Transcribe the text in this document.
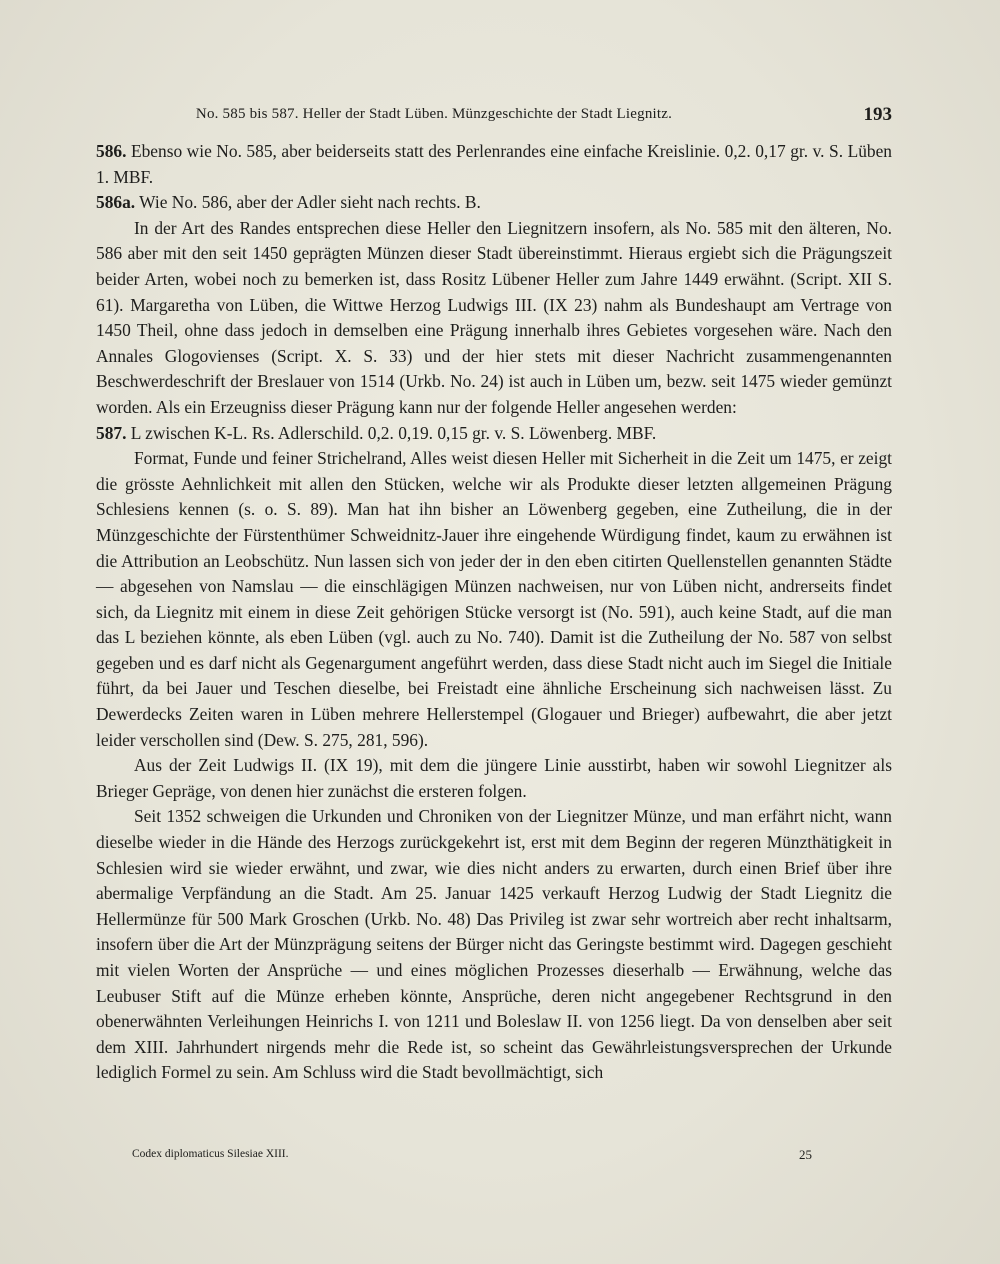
No. 585 bis 587. Heller der Stadt Lüben. Münzgeschichte der Stadt Liegnitz.	193

586. Ebenso wie No. 585, aber beiderseits statt des Perlenrandes eine einfache Kreislinie. 0,2. 0,17 gr. v. S. Lüben 1. MBF.

586a. Wie No. 586, aber der Adler sieht nach rechts. B.

In der Art des Randes entsprechen diese Heller den Liegnitzern insofern, als No. 585 mit den älteren, No. 586 aber mit den seit 1450 geprägten Münzen dieser Stadt übereinstimmt. Hieraus ergiebt sich die Prägungszeit beider Arten, wobei noch zu bemerken ist, dass Rositz Lübener Heller zum Jahre 1449 erwähnt. (Script. XII S. 61). Margaretha von Lüben, die Wittwe Herzog Ludwigs III. (IX 23) nahm als Bundeshaupt am Vertrage von 1450 Theil, ohne dass jedoch in demselben eine Prägung innerhalb ihres Gebietes vorgesehen wäre. Nach den Annales Glogovienses (Script. X. S. 33) und der hier stets mit dieser Nachricht zusammengenannten Beschwerdeschrift der Breslauer von 1514 (Urkb. No. 24) ist auch in Lüben um, bezw. seit 1475 wieder gemünzt worden. Als ein Erzeugniss dieser Prägung kann nur der folgende Heller angesehen werden:

587. L zwischen K-L. Rs. Adlerschild. 0,2. 0,19. 0,15 gr. v. S. Löwenberg. MBF.

Format, Funde und feiner Strichelrand, Alles weist diesen Heller mit Sicherheit in die Zeit um 1475, er zeigt die grösste Aehnlichkeit mit allen den Stücken, welche wir als Produkte dieser letzten allgemeinen Prägung Schlesiens kennen (s. o. S. 89). Man hat ihn bisher an Löwenberg gegeben, eine Zutheilung, die in der Münzgeschichte der Fürstenthümer Schweidnitz-Jauer ihre eingehende Würdigung findet, kaum zu erwähnen ist die Attribution an Leobschütz. Nun lassen sich von jeder der in den eben citirten Quellenstellen genannten Städte — abgesehen von Namslau — die einschlägigen Münzen nachweisen, nur von Lüben nicht, andrerseits findet sich, da Liegnitz mit einem in diese Zeit gehörigen Stücke versorgt ist (No. 591), auch keine Stadt, auf die man das L beziehen könnte, als eben Lüben (vgl. auch zu No. 740). Damit ist die Zutheilung der No. 587 von selbst gegeben und es darf nicht als Gegenargument angeführt werden, dass diese Stadt nicht auch im Siegel die Initiale führt, da bei Jauer und Teschen dieselbe, bei Freistadt eine ähnliche Erscheinung sich nachweisen lässt. Zu Dewerdecks Zeiten waren in Lüben mehrere Hellerstempel (Glogauer und Brieger) aufbewahrt, die aber jetzt leider verschollen sind (Dew. S. 275, 281, 596).

Aus der Zeit Ludwigs II. (IX 19), mit dem die jüngere Linie ausstirbt, haben wir sowohl Liegnitzer als Brieger Gepräge, von denen hier zunächst die ersteren folgen.

Seit 1352 schweigen die Urkunden und Chroniken von der Liegnitzer Münze, und man erfährt nicht, wann dieselbe wieder in die Hände des Herzogs zurückgekehrt ist, erst mit dem Beginn der regeren Münzthätigkeit in Schlesien wird sie wieder erwähnt, und zwar, wie dies nicht anders zu erwarten, durch einen Brief über ihre abermalige Verpfändung an die Stadt. Am 25. Januar 1425 verkauft Herzog Ludwig der Stadt Liegnitz die Hellermünze für 500 Mark Groschen (Urkb. No. 48) Das Privileg ist zwar sehr wortreich aber recht inhaltsarm, insofern über die Art der Münzprägung seitens der Bürger nicht das Geringste bestimmt wird. Dagegen geschieht mit vielen Worten der Ansprüche — und eines möglichen Prozesses dieserhalb — Erwähnung, welche das Leubuser Stift auf die Münze erheben könnte, Ansprüche, deren nicht angegebener Rechtsgrund in den obenerwähnten Verleihungen Heinrichs I. von 1211 und Boleslaw II. von 1256 liegt. Da von denselben aber seit dem XIII. Jahrhundert nirgends mehr die Rede ist, so scheint das Gewährleistungsversprechen der Urkunde lediglich Formel zu sein. Am Schluss wird die Stadt bevollmächtigt, sich

Codex diplomaticus Silesiae XIII.	25
